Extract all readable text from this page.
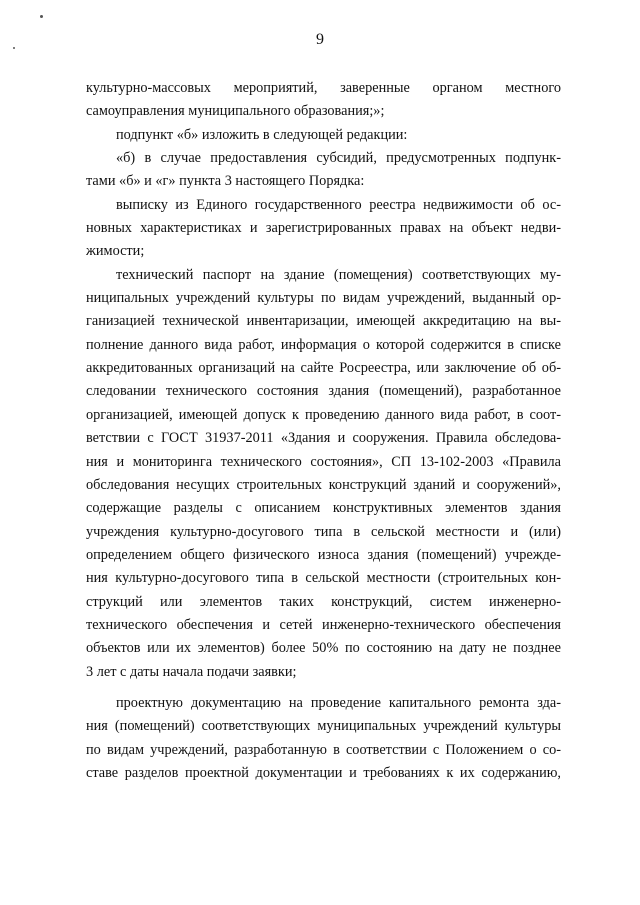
9
культурно-массовых мероприятий, заверенные органом местного
самоуправления муниципального образования;»;
подпункт «б» изложить в следующей редакции:
«б) в случае предоставления субсидий, предусмотренных подпунк-
тами «б» и «г» пункта 3 настоящего Порядка:
выписку из Единого государственного реестра недвижимости об ос-
новных характеристиках и зарегистрированных правах на объект недви-
жимости;
технический паспорт на здание (помещения) соответствующих му-
ниципальных учреждений культуры по видам учреждений, выданный ор-
ганизацией технической инвентаризации, имеющей аккредитацию на вы-
полнение данного вида работ, информация о которой содержится в списке
аккредитованных организаций на сайте Росреестра, или заключение об об-
следовании технического состояния здания (помещений), разработанное
организацией, имеющей допуск к проведению данного вида работ, в соот-
ветствии с ГОСТ 31937-2011 «Здания и сооружения. Правила обследова-
ния и мониторинга технического состояния», СП 13-102-2003 «Правила
обследования несущих строительных конструкций зданий и сооружений»,
содержащие разделы с описанием конструктивных элементов здания
учреждения культурно-досугового типа в сельской местности и (или)
определением общего физического износа здания (помещений) учрежде-
ния культурно-досугового типа в сельской местности (строительных кон-
струкций или элементов таких конструкций, систем инженерно-
технического обеспечения и сетей инженерно-технического обеспечения
объектов или их элементов) более 50% по состоянию на дату не позднее
3 лет с даты начала подачи заявки;
проектную документацию на проведение капитального ремонта зда-
ния (помещений) соответствующих муниципальных учреждений культуры
по видам учреждений, разработанную в соответствии с Положением о со-
ставе разделов проектной документации и требованиях к их содержанию,
